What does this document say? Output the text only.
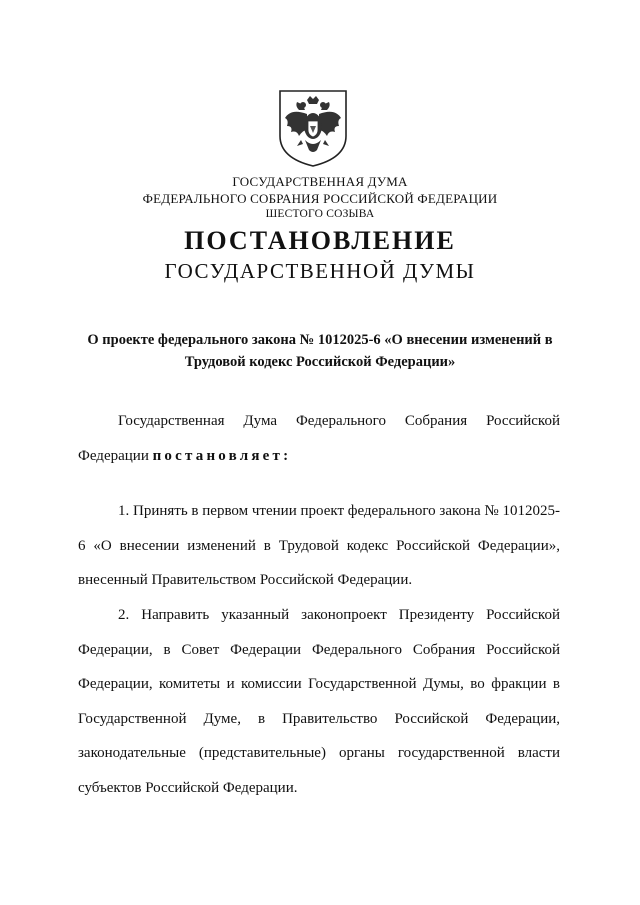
ГОСУДАРСТВЕННАЯ ДУМА
ФЕДЕРАЛЬНОГО СОБРАНИЯ РОССИЙСКОЙ ФЕДЕРАЦИИ
ШЕСТОГО СОЗЫВА
ПОСТАНОВЛЕНИЕ
ГОСУДАРСТВЕННОЙ ДУМЫ
О проекте федерального закона № 1012025-6 «О внесении изменений в Трудовой кодекс Российской Федерации»
Государственная Дума Федерального Собрания Российской Федерации постановляет:
1. Принять в первом чтении проект федерального закона № 1012025-6 «О внесении изменений в Трудовой кодекс Российской Федерации», внесенный Правительством Российской Федерации.
2. Направить указанный законопроект Президенту Российской Федерации, в Совет Федерации Федерального Собрания Российской Федерации, комитеты и комиссии Государственной Думы, во фракции в Государственной Думе, в Правительство Российской Федерации, законодательные (представительные) органы государственной власти субъектов Российской Федерации.
